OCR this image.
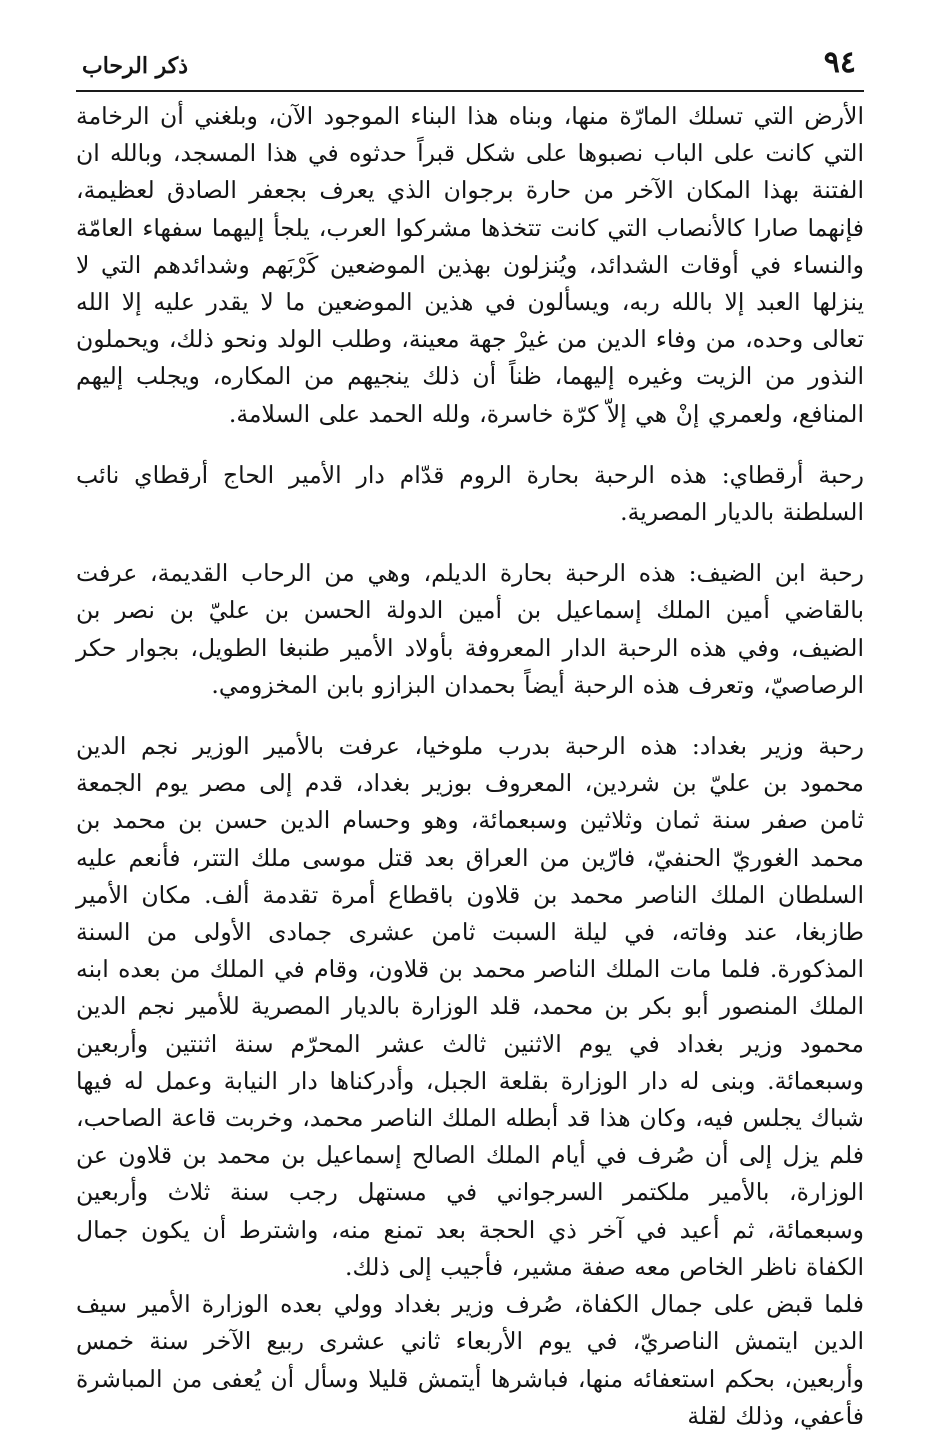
٩٤
ذكر الرحاب

الأرض التي تسلك المارّة منها، وبناه هذا البناء الموجود الآن، وبلغني أن الرخامة التي كانت على الباب نصبوها على شكل قبراً حدثوه في هذا المسجد، وبالله ان الفتنة بهذا المكان الآخر من حارة برجوان الذي يعرف بجعفر الصادق لعظيمة، فإنهما صارا كالأنصاب التي كانت تتخذها مشركوا العرب، يلجأ إليهما سفهاء العامّة والنساء في أوقات الشدائد، ويُنزلون بهذين الموضعين كَرْبَهم وشدائدهم التي لا ينزلها العبد إلا بالله ربه، ويسألون في هذين الموضعين ما لا يقدر عليه إلا الله تعالى وحده، من وفاء الدين من غيرْ جهة معينة، وطلب الولد ونحو ذلك، ويحملون النذور من الزيت وغيره إليهما، ظناً أن ذلك ينجيهم من المكاره، ويجلب إليهم المنافع، ولعمري إنْ هي إلاّ كرّة خاسرة، ولله الحمد على السلامة.

رحبة أرقطاي: هذه الرحبة بحارة الروم قدّام دار الأمير الحاج أرقطاي نائب السلطنة بالديار المصرية.

رحبة ابن الضيف: هذه الرحبة بحارة الديلم، وهي من الرحاب القديمة، عرفت بالقاضي أمين الملك إسماعيل بن أمين الدولة الحسن بن عليّ بن نصر بن الضيف، وفي هذه الرحبة الدار المعروفة بأولاد الأمير طنبغا الطويل، بجوار حكر الرصاصيّ، وتعرف هذه الرحبة أيضاً بحمدان البزازو بابن المخزومي.

رحبة وزير بغداد: هذه الرحبة بدرب ملوخيا، عرفت بالأمير الوزير نجم الدين محمود بن عليّ بن شردين، المعروف بوزير بغداد، قدم إلى مصر يوم الجمعة ثامن صفر سنة ثمان وثلاثين وسبعمائة، وهو وحسام الدين حسن بن محمد بن محمد الغوريّ الحنفيّ، فارّين من العراق بعد قتل موسى ملك التتر، فأنعم عليه السلطان الملك الناصر محمد بن قلاون باقطاع أمرة تقدمة ألف. مكان الأمير طازبغا، عند وفاته، في ليلة السبت ثامن عشرى جمادى الأولى من السنة المذكورة. فلما مات الملك الناصر محمد بن قلاون، وقام في الملك من بعده ابنه الملك المنصور أبو بكر بن محمد، قلد الوزارة بالديار المصرية للأمير نجم الدين محمود وزير بغداد في يوم الاثنين ثالث عشر المحرّم سنة اثنتين وأربعين وسبعمائة. وبنى له دار الوزارة بقلعة الجبل، وأدركناها دار النيابة وعمل له فيها شباك يجلس فيه، وكان هذا قد أبطله الملك الناصر محمد، وخربت قاعة الصاحب، فلم يزل إلى أن صُرف في أيام الملك الصالح إسماعيل بن محمد بن قلاون عن الوزارة، بالأمير ملكتمر السرجواني في مستهل رجب سنة ثلاث وأربعين وسبعمائة، ثم أعيد في آخر ذي الحجة بعد تمنع منه، واشترط أن يكون جمال الكفاة ناظر الخاص معه صفة مشير، فأجيب إلى ذلك.

فلما قبض على جمال الكفاة، صُرف وزير بغداد وولي بعده الوزارة الأمير سيف الدين ايتمش الناصريّ، في يوم الأربعاء ثاني عشرى ربيع الآخر سنة خمس وأربعين، بحكم استعفائه منها، فباشرها أيتمش قليلا وسأل أن يُعفى من المباشرة فأعفي، وذلك لقلة
